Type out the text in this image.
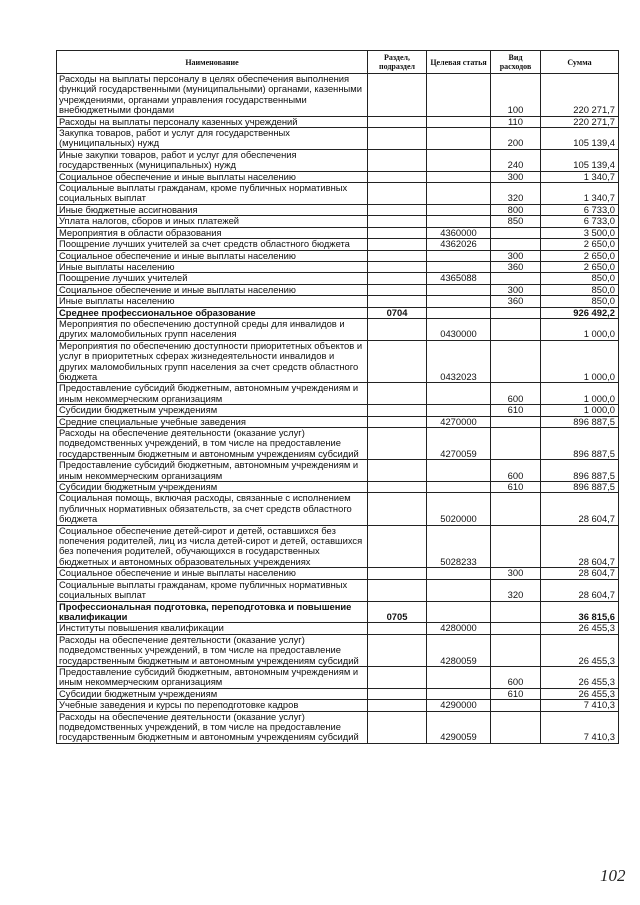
Наименование	Раздел, подраздел	Целевая статья	Вид расходов	Сумма
Расходы на выплаты персоналу в целях обеспечения выполнения функций государственными (муниципальными) органами, казенными учреждениями, органами управления государственными внебюджетными фондами			100	220 271,7
Расходы на выплаты персоналу казенных учреждений			110	220 271,7
Закупка товаров, работ и услуг для государственных (муниципальных) нужд			200	105 139,4
Иные закупки товаров, работ и услуг для обеспечения государственных (муниципальных) нужд			240	105 139,4
Социальное обеспечение и иные выплаты населению			300	1 340,7
Социальные выплаты гражданам, кроме публичных нормативных социальных выплат			320	1 340,7
Иные бюджетные ассигнования			800	6 733,0
Уплата налогов, сборов и иных платежей			850	6 733,0
Мероприятия в области образования		4360000		3 500,0
Поощрение лучших учителей за счет средств областного бюджета		4362026		2 650,0
Социальное обеспечение и иные выплаты населению			300	2 650,0
Иные выплаты населению			360	2 650,0
Поощрение лучших учителей		4365088		850,0
Социальное обеспечение и иные выплаты населению			300	850,0
Иные выплаты населению			360	850,0
Среднее профессиональное образование	0704			926 492,2
Мероприятия по обеспечению доступной среды для инвалидов и других маломобильных групп населения		0430000		1 000,0
Мероприятия по обеспечению доступности приоритетных объектов и услуг в приоритетных сферах жизнедеятельности инвалидов и других маломобильных групп населения за счет средств областного бюджета		0432023		1 000,0
Предоставление субсидий бюджетным, автономным учреждениям и иным некоммерческим организациям			600	1 000,0
Субсидии бюджетным учреждениям			610	1 000,0
Средние специальные учебные заведения		4270000		896 887,5
Расходы на обеспечение деятельности (оказание услуг) подведомственных учреждений, в том числе на предоставление государственным бюджетным и автономным учреждениям субсидий		4270059		896 887,5
Предоставление субсидий бюджетным, автономным учреждениям и иным некоммерческим организациям			600	896 887,5
Субсидии бюджетным учреждениям			610	896 887,5
Социальная помощь, включая расходы, связанные с исполнением публичных нормативных обязательств, за счет средств областного бюджета		5020000		28 604,7
Социальное обеспечение детей-сирот и детей, оставшихся без попечения родителей, лиц из числа детей-сирот и детей, оставшихся без попечения родителей, обучающихся в государственных бюджетных и автономных образовательных учреждениях		5028233		28 604,7
Социальное обеспечение и иные выплаты населению			300	28 604,7
Социальные выплаты гражданам, кроме публичных нормативных социальных выплат			320	28 604,7
Профессиональная подготовка, переподготовка и повышение квалификации	0705			36 815,6
Институты повышения квалификации		4280000		26 455,3
Расходы на обеспечение деятельности (оказание услуг) подведомственных учреждений, в том числе на предоставление государственным бюджетным и автономным учреждениям субсидий		4280059		26 455,3
Предоставление субсидий бюджетным, автономным учреждениям и иным некоммерческим организациям			600	26 455,3
Субсидии бюджетным учреждениям			610	26 455,3
Учебные заведения и курсы по переподготовке кадров		4290000		7 410,3
Расходы на обеспечение деятельности (оказание услуг) подведомственных учреждений, в том числе на предоставление государственным бюджетным и автономным учреждениям субсидий		4290059		7 410,3
102
